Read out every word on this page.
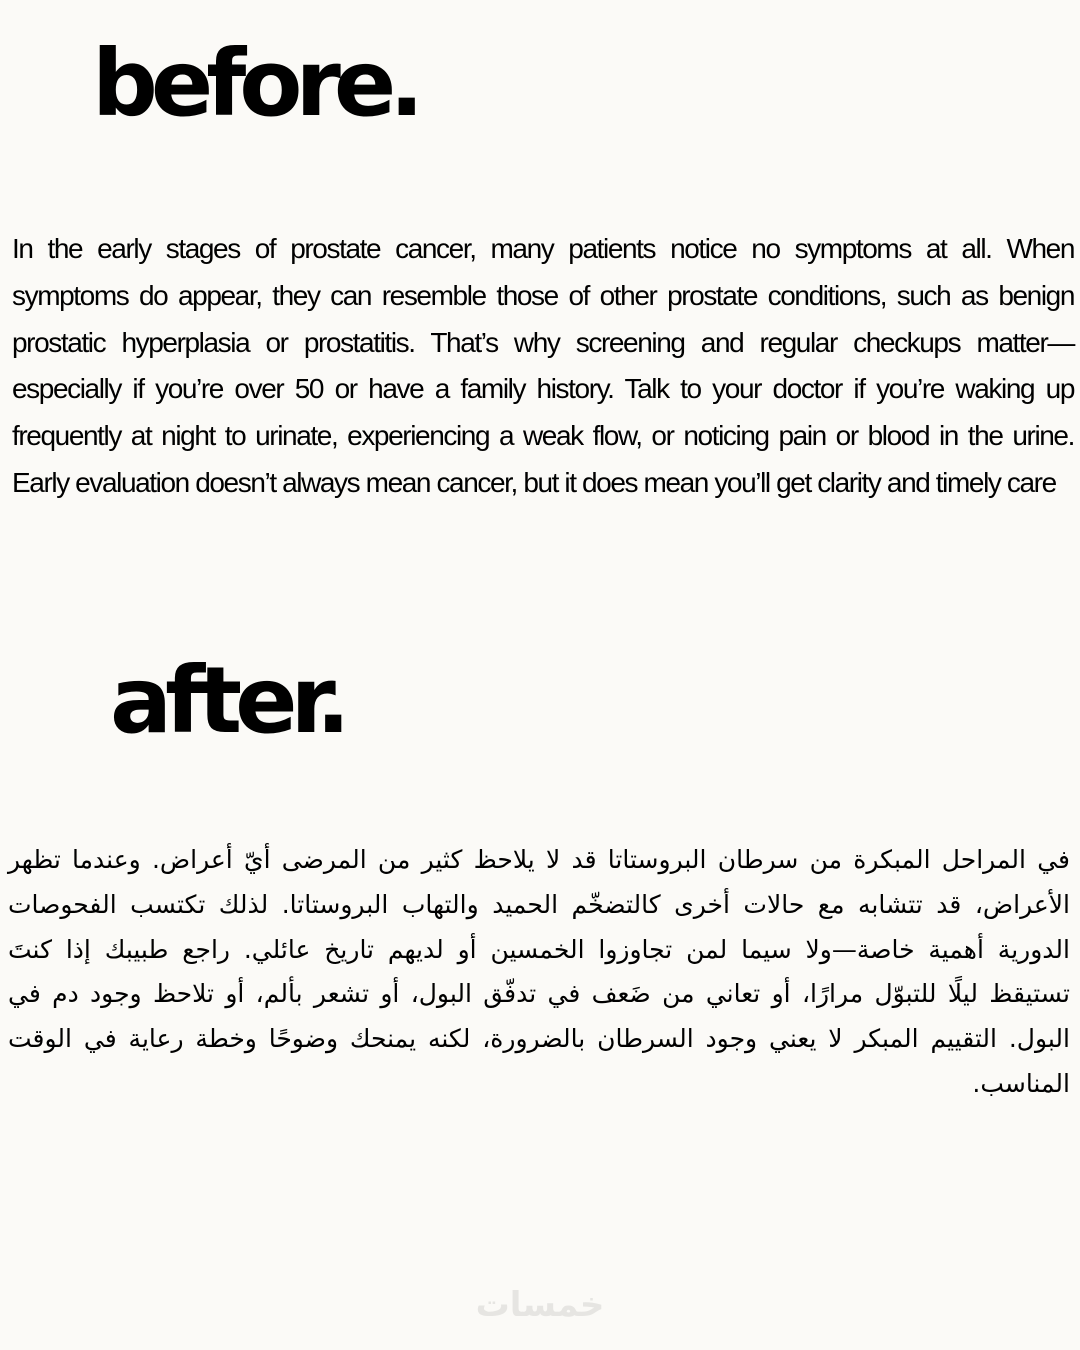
before.

In the early stages of prostate cancer, many patients notice no symptoms at all. When symptoms do appear, they can resemble those of other prostate conditions, such as benign prostatic hyperplasia or prostatitis. That’s why screening and regular checkups matter—especially if you’re over 50 or have a family history. Talk to your doctor if you’re waking up frequently at night to urinate, experiencing a weak flow, or noticing pain or blood in the urine. Early evaluation doesn’t always mean cancer, but it does mean you’ll get clarity and timely care

after.

في المراحل المبكرة من سرطان البروستاتا قد لا يلاحظ كثير من المرضى أيّ أعراض. وعندما تظهر الأعراض، قد تتشابه مع حالات أخرى كالتضخّم الحميد والتهاب البروستاتا. لذلك تكتسب الفحوصات الدورية أهمية خاصة—ولا سيما لمن تجاوزوا الخمسين أو لديهم تاريخ عائلي. راجع طبيبك إذا كنتَ تستيقظ ليلًا للتبوّل مرارًا، أو تعاني من ضَعف في تدفّق البول، أو تشعر بألم، أو تلاحظ وجود دم في البول. التقييم المبكر لا يعني وجود السرطان بالضرورة، لكنه يمنحك وضوحًا وخطة رعاية في الوقت المناسب.

خمسات
